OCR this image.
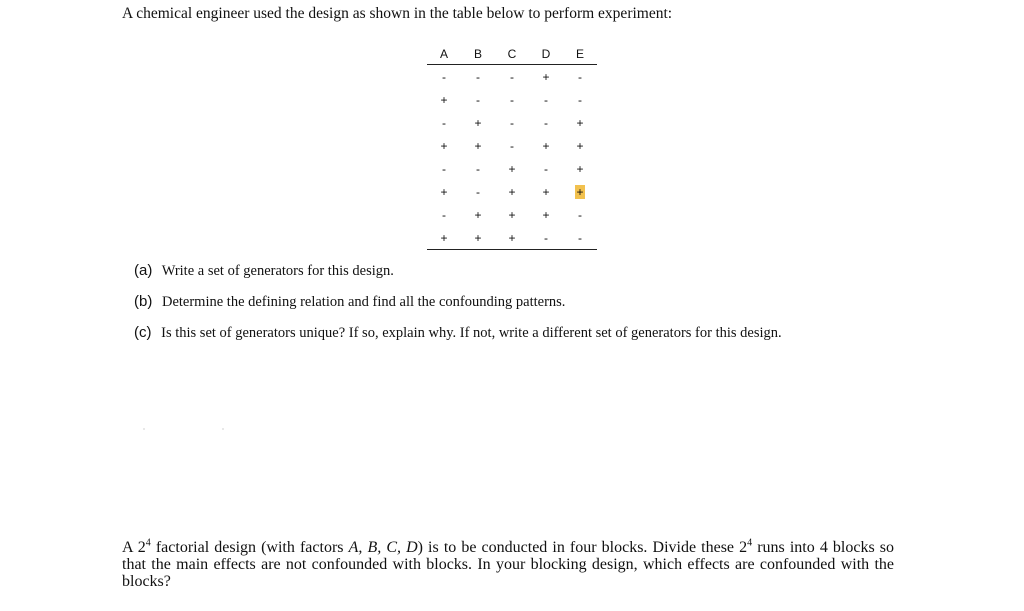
A chemical engineer used the design as shown in the table below to perform experiment:

A	B	C	D	E
-	-	-	+	-
+	-	-	-	-
-	+	-	-	+
+	+	-	+	+
-	-	+	-	+
+	-	+	+	+
-	+	+	+	-
+	+	+	-	-
(a) Write a set of generators for this design.
(b) Determine the defining relation and find all the confounding patterns.
(c) Is this set of generators unique? If so, explain why. If not, write a different set of generators for this design.

A $2^4$ factorial design (with factors A, B, C, D) is to be conducted in four blocks. Divide these $2^4$ runs into 4 blocks so that the main effects are not confounded with blocks. In your blocking design, which effects are confounded with the blocks?
